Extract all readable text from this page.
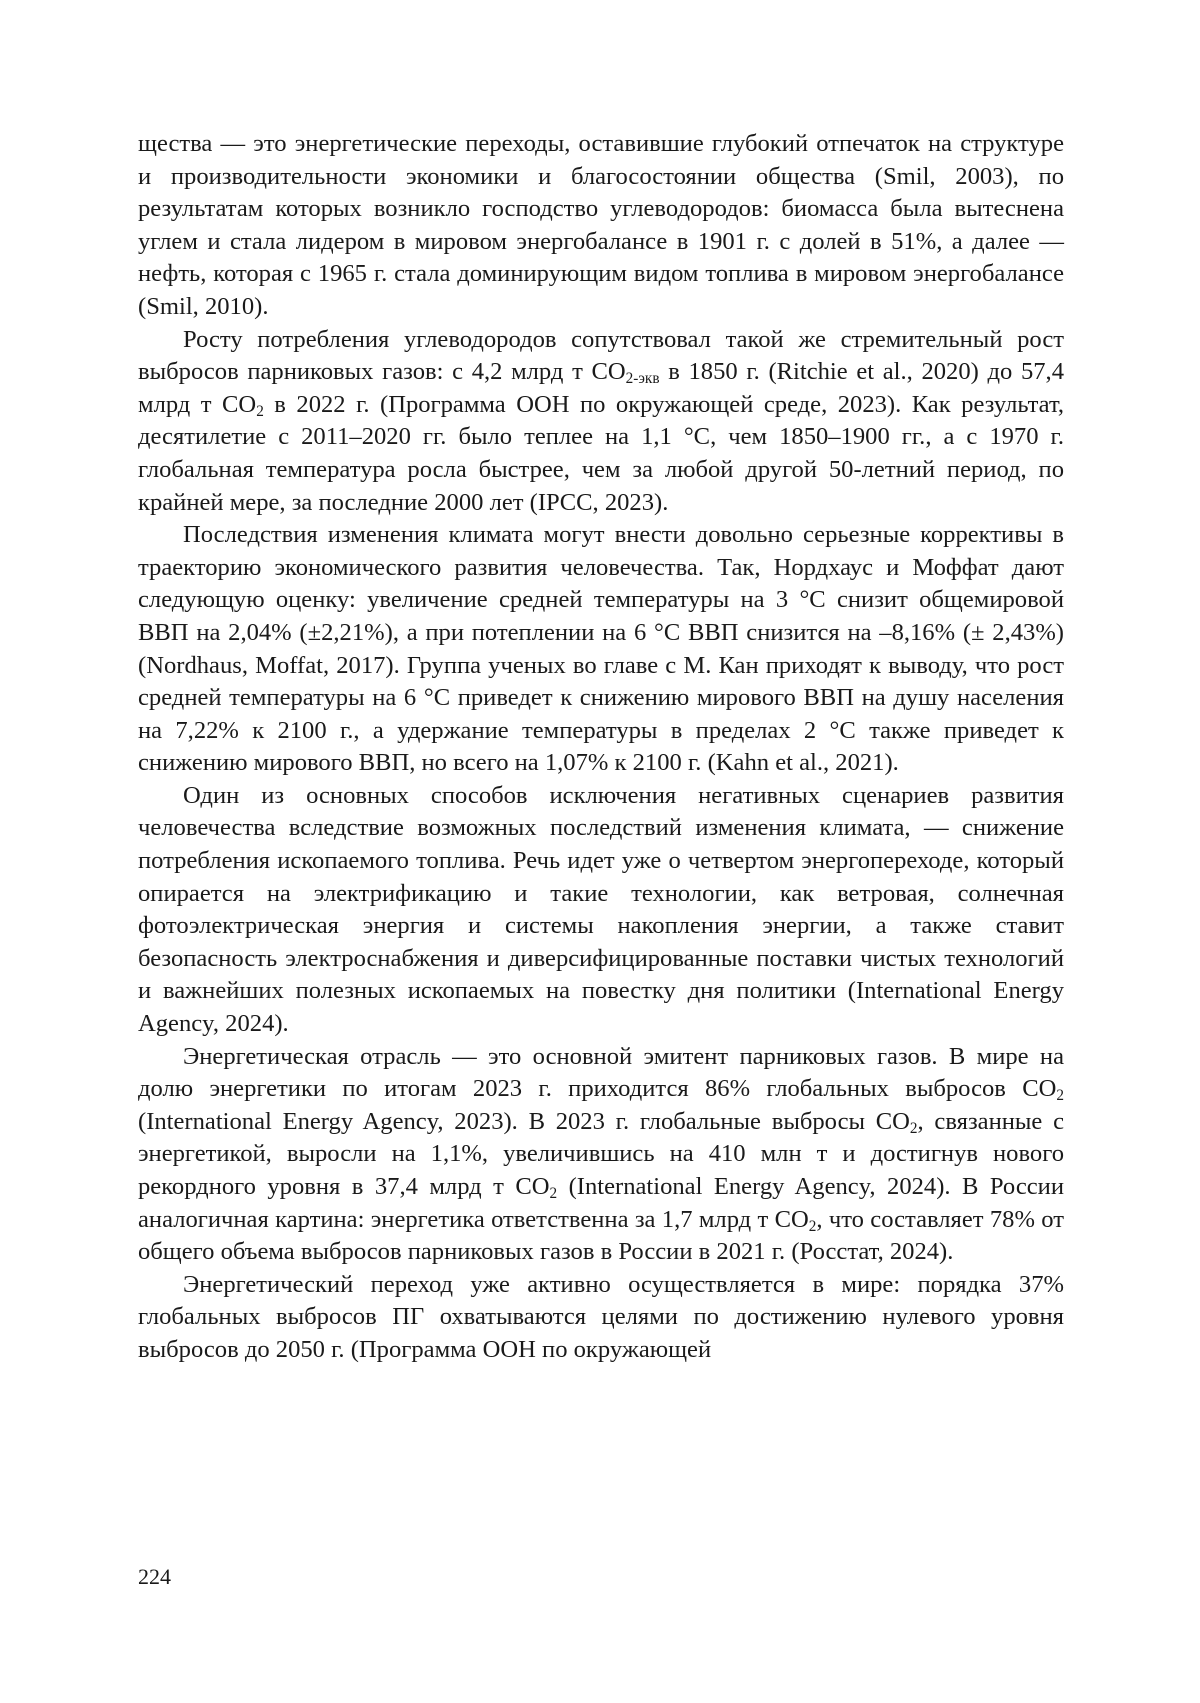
щества — это энергетические переходы, оставившие глубокий отпечаток на структуре и производительности экономики и благосостоянии общества (Smil, 2003), по результатам которых возникло господство углеводородов: биомасса была вытеснена углем и стала лидером в мировом энергобалансе в 1901 г. с долей в 51%, а далее — нефть, которая с 1965 г. стала доминирующим видом топлива в мировом энергобалансе (Smil, 2010).

Росту потребления углеводородов сопутствовал такой же стремительный рост выбросов парниковых газов: с 4,2 млрд т $CO_{2-экв}$ в 1850 г. (Ritchie et al., 2020) до 57,4 млрд т $CO_2$ в 2022 г. (Программа ООН по окружающей среде, 2023). Как результат, десятилетие с 2011–2020 гг. было теплее на 1,1 °C, чем 1850–1900 гг., а с 1970 г. глобальная температура росла быстрее, чем за любой другой 50-летний период, по крайней мере, за последние 2000 лет (IPCC, 2023).

Последствия изменения климата могут внести довольно серьезные коррективы в траекторию экономического развития человечества. Так, Нордхаус и Моффат дают следующую оценку: увеличение средней температуры на 3 °C снизит общемировой ВВП на 2,04% (±2,21%), а при потеплении на 6 °C ВВП снизится на –8,16% (± 2,43%) (Nordhaus, Moffat, 2017). Группа ученых во главе с М. Кан приходят к выводу, что рост средней температуры на 6 °C приведет к снижению мирового ВВП на душу населения на 7,22% к 2100 г., а удержание температуры в пределах 2 °C также приведет к снижению мирового ВВП, но всего на 1,07% к 2100 г. (Kahn et al., 2021).

Один из основных способов исключения негативных сценариев развития человечества вследствие возможных последствий изменения климата, — снижение потребления ископаемого топлива. Речь идет уже о четвертом энергопереходе, который опирается на электрификацию и такие технологии, как ветровая, солнечная фотоэлектрическая энергия и системы накопления энергии, а также ставит безопасность электроснабжения и диверсифицированные поставки чистых технологий и важнейших полезных ископаемых на повестку дня политики (International Energy Agency, 2024).

Энергетическая отрасль — это основной эмитент парниковых газов. В мире на долю энергетики по итогам 2023 г. приходится 86% глобальных выбросов $CO_2$ (International Energy Agency, 2023). В 2023 г. глобальные выбросы $CO_2$, связанные с энергетикой, выросли на 1,1%, увеличившись на 410 млн т и достигнув нового рекордного уровня в 37,4 млрд т $CO_2$ (International Energy Agency, 2024). В России аналогичная картина: энергетика ответственна за 1,7 млрд т $CO_2$, что составляет 78% от общего объема выбросов парниковых газов в России в 2021 г. (Росстат, 2024).

Энергетический переход уже активно осуществляется в мире: порядка 37% глобальных выбросов ПГ охватываются целями по достижению нулевого уровня выбросов до 2050 г. (Программа ООН по окружающей

224
